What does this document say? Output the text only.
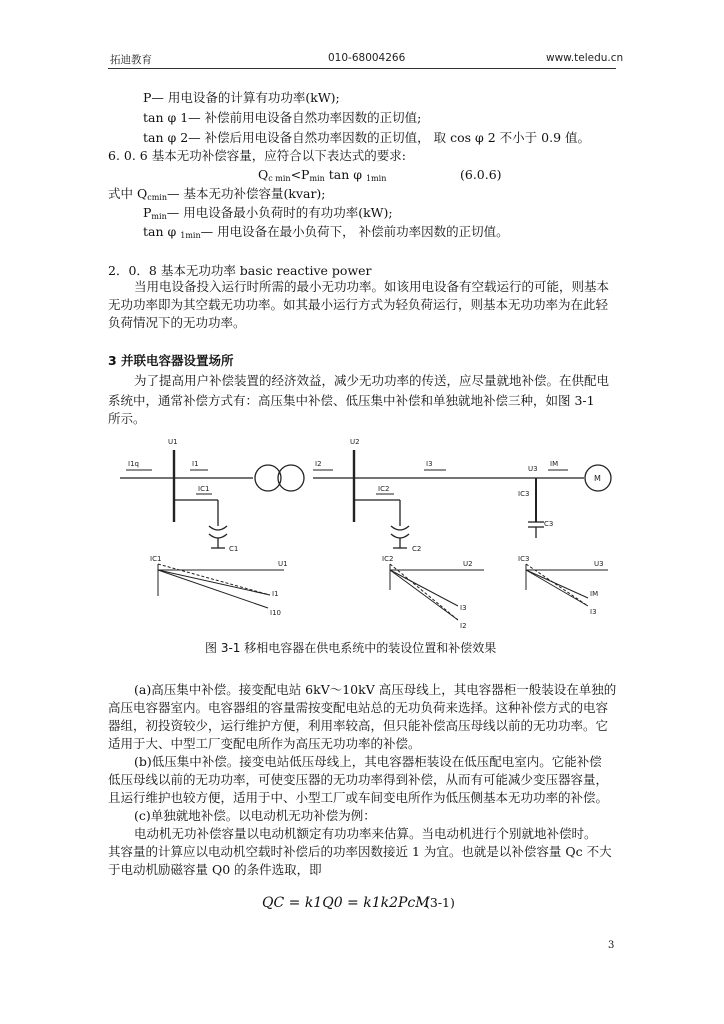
拓迪教育	010-68004266	www.teledu.cn
P— 用电设备的计算有功功率(kW);
tan φ 1— 补偿前用电设备自然功率因数的正切值;
tan φ 2— 补偿后用电设备自然功率因数的正切值， 取 cos φ 2 不小于 0.9 值。
6. 0. 6 基本无功补偿容量，应符合以下表达式的要求:
$Q_{c min}<P_{min}$ tan φ $_{1min}$	(6.0.6)
式中 $Q_{cmin}—$ 基本无功补偿容量(kvar);
$P_{min}—$ 用电设备最小负荷时的有功功率(kW);
tan φ $_{1min}$— 用电设备在最小负荷下， 补偿前功率因数的正切值。
2．0．8 基本无功功率 basic reactive power
当用电设备投入运行时所需的最小无功功率。如该用电设备有空载运行的可能，则基本
无功功率即为其空载无功功率。如其最小运行方式为轻负荷运行，则基本无功功率为在此轻
负荷情况下的无功功率。
3 并联电容器设置场所
为了提高用户补偿装置的经济效益，减少无功功率的传送，应尽量就地补偿。在供配电
系统中，通常补偿方式有：高压集中补偿、低压集中补偿和单独就地补偿三种，如图 3-1
所示。
U1	U2
U3
I1q	I1	I2	I3	IM
IC1	IC2
IC3
C1	C2
C3
M
IC1
U1
I1
I10
IC2
U2
I3
I2
IC3
U3
IM
I3
图 3-1 移相电容器在供电系统中的装设位置和补偿效果
(a)高压集中补偿。接变配电站 6kV～10kV 高压母线上，其电容器柜一般装设在单独的
高压电容器室内。电容器组的容量需按变配电站总的无功负荷来选择。这种补偿方式的电容
器组，初投资较少，运行维护方便，利用率较高，但只能补偿高压母线以前的无功功率。它
适用于大、中型工厂变配电所作为高压无功功率的补偿。
(b)低压集中补偿。接变电站低压母线上，其电容器柜装设在低压配电室内。它能补偿
低压母线以前的无功功率，可使变压器的无功功率得到补偿，从而有可能减少变压器容量，
且运行维护也较方便，适用于中、小型工厂或车间变电所作为低压侧基本无功功率的补偿。
(c)单独就地补偿。以电动机无功补偿为例：
电动机无功补偿容量以电动机额定有功功率来估算。当电动机进行个别就地补偿时。
其容量的计算应以电动机空载时补偿后的功率因数接近 1 为宜。也就是以补偿容量 Qc 不大
于电动机励磁容量 Q0 的条件选取，即
QC = k1Q0 = k1k2PcM
(3-1)
3
